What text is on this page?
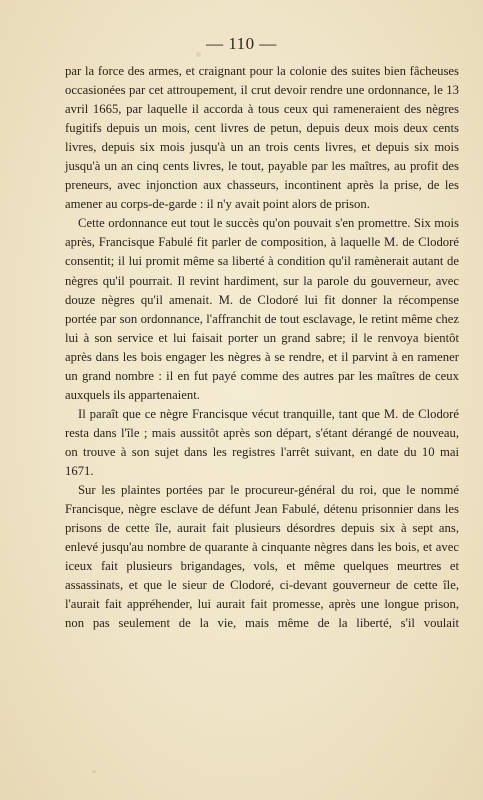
— 110 —

par la force des armes, et craignant pour la colonie des suites bien fâcheuses occasionées par cet attroupement, il crut devoir rendre une ordonnance, le 13 avril 1665, par laquelle il accorda à tous ceux qui rameneraient des nègres fugitifs depuis un mois, cent livres de petun, depuis deux mois deux cents livres, depuis six mois jusqu'à un an trois cents livres, et depuis six mois jusqu'à un an cinq cents livres, le tout, payable par les maîtres, au profit des preneurs, avec injonction aux chasseurs, incontinent après la prise, de les amener au corps-de-garde : il n'y avait point alors de prison.

Cette ordonnance eut tout le succès qu'on pouvait s'en promettre. Six mois après, Francisque Fabulé fit parler de composition, à laquelle M. de Clodoré consentit; il lui promit même sa liberté à condition qu'il ramènerait autant de nègres qu'il pourrait. Il revint hardiment, sur la parole du gouverneur, avec douze nègres qu'il amenait. M. de Clodoré lui fit donner la récompense portée par son ordonnance, l'affranchit de tout esclavage, le retint même chez lui à son service et lui faisait porter un grand sabre; il le renvoya bientôt après dans les bois engager les nègres à se rendre, et il parvint à en ramener un grand nombre : il en fut payé comme des autres par les maîtres de ceux auxquels ils appartenaient.

Il paraît que ce nègre Francisque vécut tranquille, tant que M. de Clodoré resta dans l'île ; mais aussitôt après son départ, s'étant dérangé de nouveau, on trouve à son sujet dans les registres l'arrêt suivant, en date du 10 mai 1671.

Sur les plaintes portées par le procureur-général du roi, que le nommé Francisque, nègre esclave de défunt Jean Fabulé, détenu prisonnier dans les prisons de cette île, aurait fait plusieurs désordres depuis six à sept ans, enlevé jusqu'au nombre de quarante à cinquante nègres dans les bois, et avec iceux fait plusieurs brigandages, vols, et même quelques meurtres et assassinats, et que le sieur de Clodoré, ci-devant gouverneur de cette île, l'aurait fait appréhender, lui aurait fait promesse, après une longue prison, non pas seulement de la vie, mais même de la liberté, s'il voulait
